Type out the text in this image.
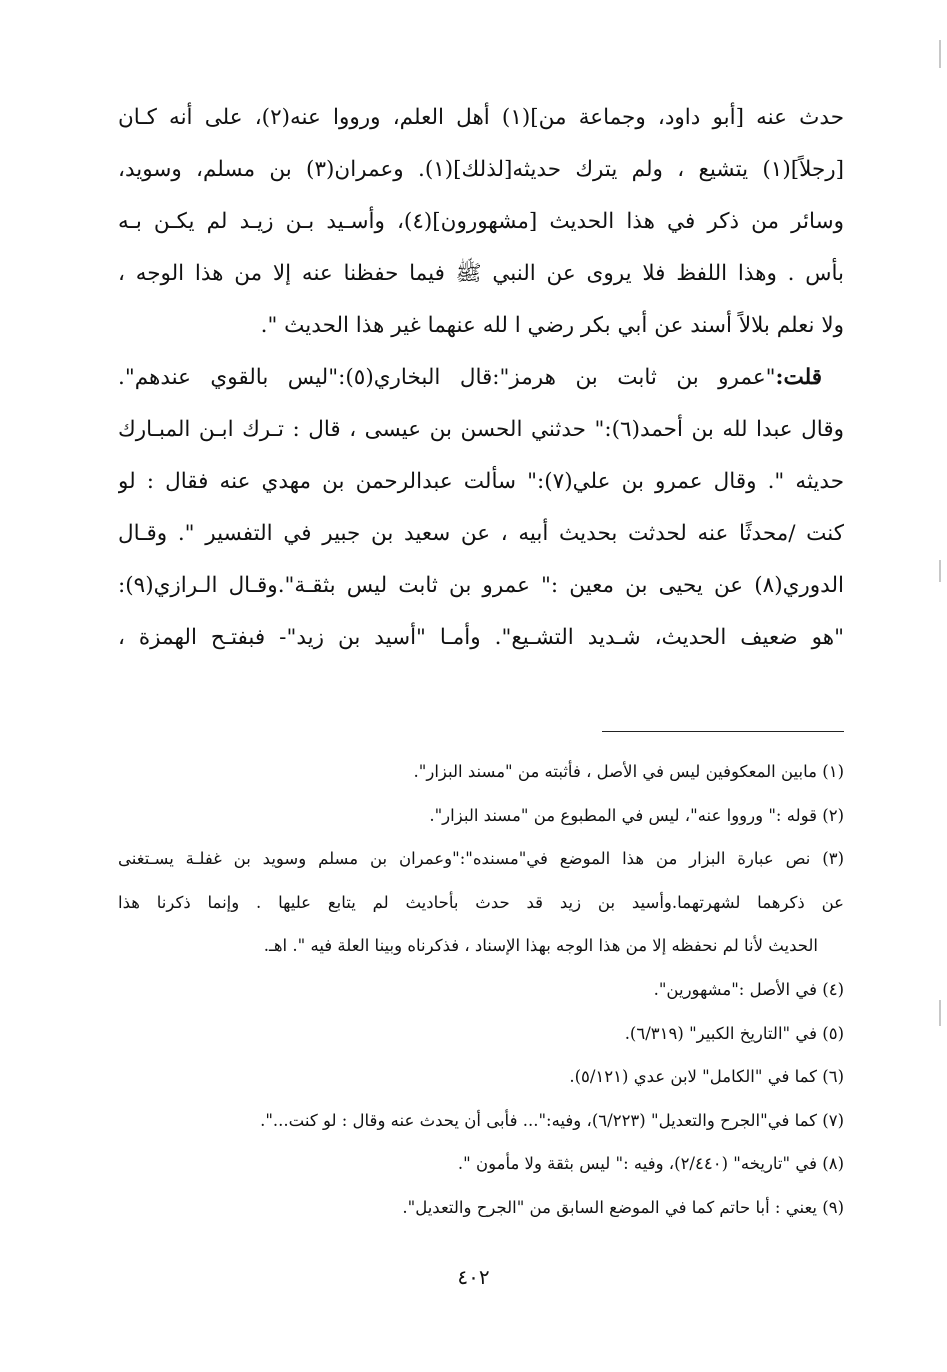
حدث عنه [أبو داود، وجماعة من](١) أهل العلم، ورووا عنه(٢)، على أنه كـان
[رجلاً](١) يتشيع ، ولم يترك حديثه[لذلك](١). وعمران(٣) بن مسلم، وسويد،
وسائر من ذكر في هذا الحديث [مشهورون](٤)، وأسـيد بـن زيـد لم يكـن بـه
بأس . وهذا اللفظ فلا يروى عن النبي ﷺ فيما حفظنا عنه إلا من هذا الوجه ،
ولا نعلم بلالاً أسند عن أبي بكر رضي ا لله عنهما غير هذا الحديث ".
قلت:"عمرو بن ثابت بن هرمز":قال البخاري(٥):"ليس بالقوي عندهم".
وقال عبدا لله بن أحمد(٦):" حدثني الحسن بن عيسى ، قال : تـرك ابـن المبـارك
حديثه ". وقال عمرو بن علي(٧):" سألت عبدالرحمن بن مهدي عنه فقال : لو
كنت /محدثًا عنه لحدثت بحديث أبيه ، عن سعيد بن جبير في التفسير ". وقـال
الدوري(٨) عن يحيى بن معين :" عمرو بن ثابت ليس بثقـة".وقـال الـرازي(٩):
"هو ضعيف الحديث، شـديد التشـيع". وأمـا "أسيد بن زيد"- فبفتـح الهمزة ،
(١) مابين المعكوفين ليس في الأصل ، فأثبته من "مسند البزار".
(٢) قوله :" ورووا عنه"، ليس في المطبوع من "مسند البزار".
(٣) نص عبارة البزار من هذا الموضع في"مسنده":"وعمران بن مسلم وسويد بن غفلـة يسـتغنى
عن ذكرهما لشهرتهما.وأسيد بن زيد قد حدث بأحاديث لم يتابع عليها . وإنما ذكرنا هذا
الحديث لأنا لم نحفظه إلا من هذا الوجه بهذا الإسناد ، فذكرناه وبينا العلة فيه ". اهـ.
(٤) في الأصل :"مشهورين".
(٥) في "التاريخ الكبير" (٦/٣١٩).
(٦) كما في "الكامل" لابن عدي (٥/١٢١).
(٧) كما في"الجرح والتعديل" (٦/٢٢٣)، وفيه:"... فأبى أن يحدث عنه وقال : لو كنت...".
(٨) في "تاريخه" (٢/٤٤٠)، وفيه :" ليس بثقة ولا مأمون ".
(٩) يعني : أبا حاتم كما في الموضع السابق من "الجرح والتعديل".
٤٠٢
